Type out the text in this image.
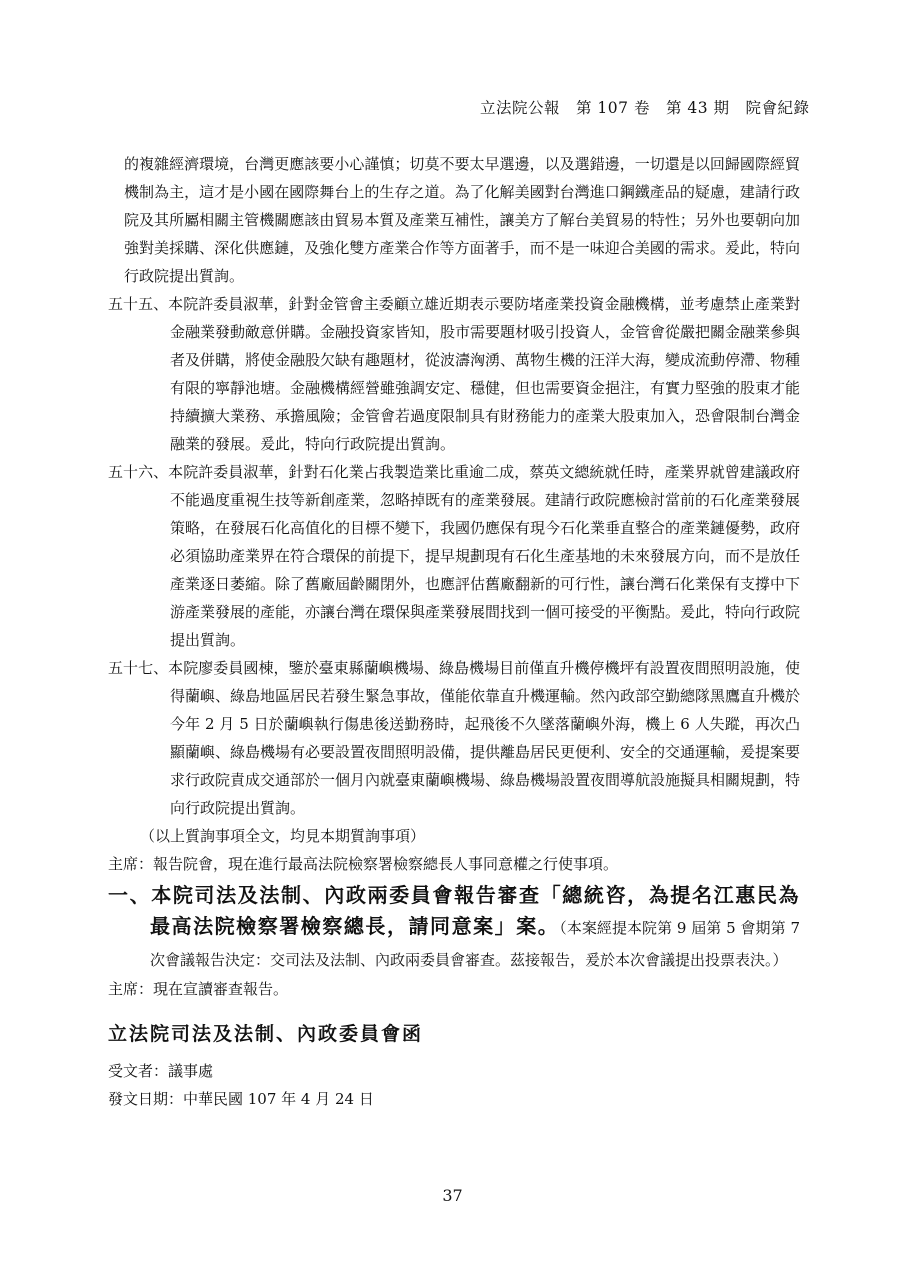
立法院公報　第 107 卷　第 43 期　院會紀錄
的複雜經濟環境，台灣更應該要小心謹慎；切莫不要太早選邊，以及選錯邊，一切還是以回歸國際經貿機制為主，這才是小國在國際舞台上的生存之道。為了化解美國對台灣進口鋼鐵產品的疑慮，建請行政院及其所屬相關主管機關應該由貿易本質及產業互補性，讓美方了解台美貿易的特性；另外也要朝向加強對美採購、深化供應鏈，及強化雙方產業合作等方面著手，而不是一味迎合美國的需求。爰此，特向行政院提出質詢。
五十五、本院許委員淑華，針對金管會主委顧立雄近期表示要防堵產業投資金融機構，並考慮禁止產業對金融業發動敵意併購。金融投資家皆知，股市需要題材吸引投資人，金管會從嚴把關金融業參與者及併購，將使金融股欠缺有趣題材，從波濤洶湧、萬物生機的汪洋大海，變成流動停滯、物種有限的寧靜池塘。金融機構經營雖強調安定、穩健，但也需要資金挹注，有實力堅強的股東才能持續擴大業務、承擔風險；金管會若過度限制具有財務能力的產業大股東加入，恐會限制台灣金融業的發展。爰此，特向行政院提出質詢。
五十六、本院許委員淑華，針對石化業占我製造業比重逾二成，蔡英文總統就任時，產業界就曾建議政府不能過度重視生技等新創產業，忽略掉既有的產業發展。建請行政院應檢討當前的石化產業發展策略，在發展石化高值化的目標不變下，我國仍應保有現今石化業垂直整合的產業鏈優勢，政府必須協助產業界在符合環保的前提下，提早規劃現有石化生產基地的未來發展方向，而不是放任產業逐日萎縮。除了舊廠屆齡關閉外，也應評估舊廠翻新的可行性，讓台灣石化業保有支撐中下游產業發展的產能，亦讓台灣在環保與產業發展間找到一個可接受的平衡點。爰此，特向行政院提出質詢。
五十七、本院廖委員國棟，鑒於臺東縣蘭嶼機場、綠島機場目前僅直升機停機坪有設置夜間照明設施，使得蘭嶼、綠島地區居民若發生緊急事故，僅能依靠直升機運輸。然內政部空勤總隊黑鷹直升機於今年 2 月 5 日於蘭嶼執行傷患後送勤務時，起飛後不久墜落蘭嶼外海，機上 6 人失蹤，再次凸顯蘭嶼、綠島機場有必要設置夜間照明設備，提供離島居民更便利、安全的交通運輸，爰提案要求行政院責成交通部於一個月內就臺東蘭嶼機場、綠島機場設置夜間導航設施擬具相關規劃，特向行政院提出質詢。
（以上質詢事項全文，均見本期質詢事項）
主席：報告院會，現在進行最高法院檢察署檢察總長人事同意權之行使事項。
一、本院司法及法制、內政兩委員會報告審查「總統咨，為提名江惠民為最高法院檢察署檢察總長，請同意案」案。（本案經提本院第 9 屆第 5 會期第 7 次會議報告決定：交司法及法制、內政兩委員會審查。茲接報告，爰於本次會議提出投票表決。）
主席：現在宣讀審查報告。
立法院司法及法制、內政委員會函
受文者：議事處
發文日期：中華民國 107 年 4 月 24 日
37
